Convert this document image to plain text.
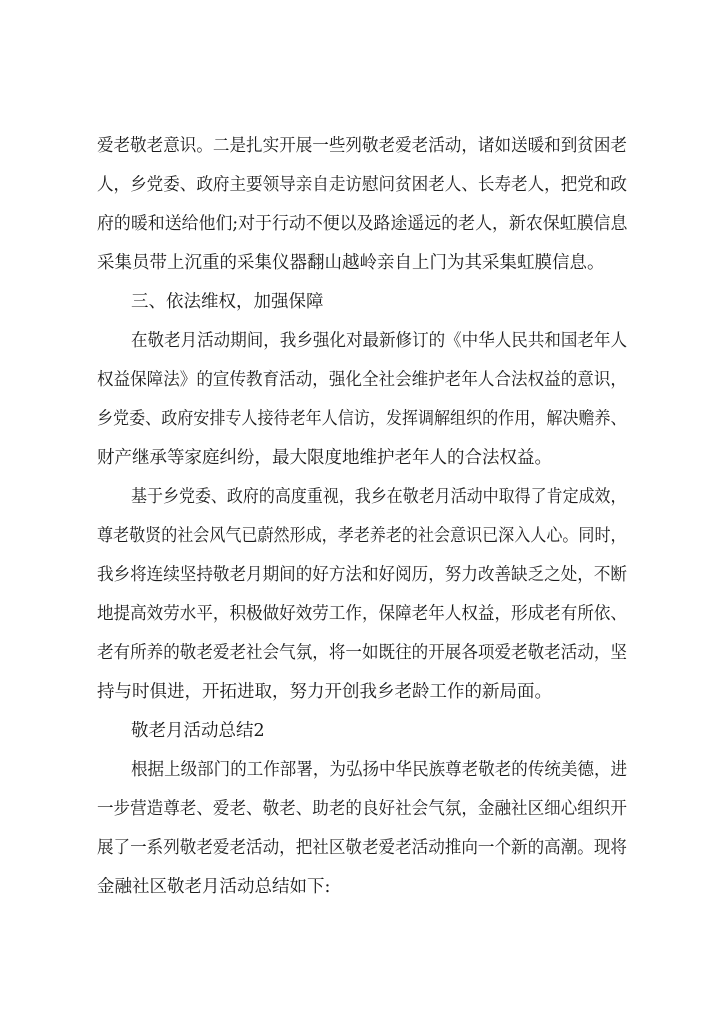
爱老敬老意识。二是扎实开展一些列敬老爱老活动，诸如送暖和到贫困老
人，乡党委、政府主要领导亲自走访慰问贫困老人、长寿老人，把党和政
府的暖和送给他们;对于行动不便以及路途遥远的老人，新农保虹膜信息
采集员带上沉重的采集仪器翻山越岭亲自上门为其采集虹膜信息。
三、依法维权，加强保障
在敬老月活动期间，我乡强化对最新修订的《中华人民共和国老年人
权益保障法》的宣传教育活动，强化全社会维护老年人合法权益的意识，
乡党委、政府安排专人接待老年人信访，发挥调解组织的作用，解决赡养、
财产继承等家庭纠纷，最大限度地维护老年人的合法权益。
基于乡党委、政府的高度重视，我乡在敬老月活动中取得了肯定成效，
尊老敬贤的社会风气已蔚然形成，孝老养老的社会意识已深入人心。同时，
我乡将连续坚持敬老月期间的好方法和好阅历，努力改善缺乏之处，不断
地提高效劳水平，积极做好效劳工作，保障老年人权益，形成老有所依、
老有所养的敬老爱老社会气氛，将一如既往的开展各项爱老敬老活动，坚
持与时俱进，开拓进取，努力开创我乡老龄工作的新局面。
敬老月活动总结2
根据上级部门的工作部署，为弘扬中华民族尊老敬老的传统美德，进
一步营造尊老、爱老、敬老、助老的良好社会气氛，金融社区细心组织开
展了一系列敬老爱老活动，把社区敬老爱老活动推向一个新的高潮。现将
金融社区敬老月活动总结如下:
